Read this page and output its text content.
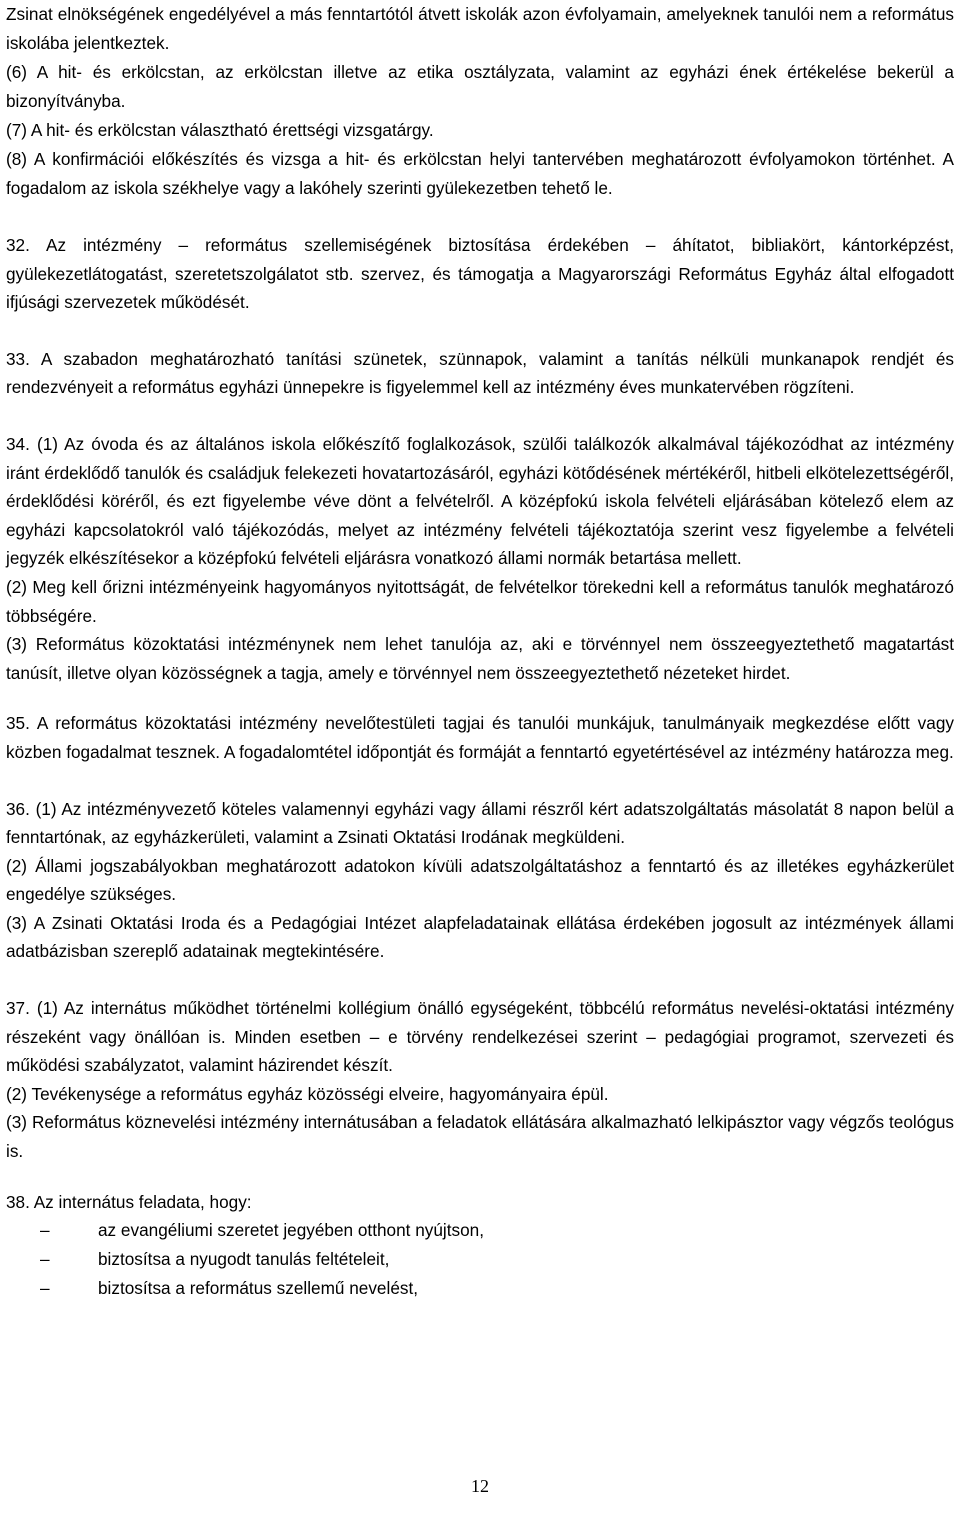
Zsinat elnökségének engedélyével a más fenntartótól átvett iskolák azon évfolyamain, amelyeknek tanulói nem a református iskolába jelentkeztek.

(6) A hit- és erkölcstan, az erkölcstan illetve az etika osztályzata, valamint az egyházi ének értékelése bekerül a bizonyítványba.

(7) A hit- és erkölcstan választható érettségi vizsgatárgy.

(8) A konfirmációi előkészítés és vizsga a hit- és erkölcstan helyi tantervében meghatározott évfolyamokon történhet. A fogadalom az iskola székhelye vagy a lakóhely szerinti gyülekezetben tehető le.

32. Az intézmény – református szellemiségének biztosítása érdekében – áhítatot, bibliakört, kántorképzést, gyülekezetlátogatást, szeretetszolgálatot stb. szervez, és támogatja a Magyarországi Református Egyház által elfogadott ifjúsági szervezetek működését.

33. A szabadon meghatározható tanítási szünetek, szünnapok, valamint a tanítás nélküli munkanapok rendjét és rendezvényeit a református egyházi ünnepekre is figyelemmel kell az intézmény éves munkatervében rögzíteni.

34. (1) Az óvoda és az általános iskola előkészítő foglalkozások, szülői találkozók alkalmával tájékozódhat az intézmény iránt érdeklődő tanulók és családjuk felekezeti hovatartozásáról, egyházi kötődésének mértékéről, hitbeli elkötelezettségéről, érdeklődési köréről, és ezt figyelembe véve dönt a felvételről. A középfokú iskola felvételi eljárásában kötelező elem az egyházi kapcsolatokról való tájékozódás, melyet az intézmény felvételi tájékoztatója szerint vesz figyelembe a felvételi jegyzék elkészítésekor a középfokú felvételi eljárásra vonatkozó állami normák betartása mellett.

(2) Meg kell őrizni intézményeink hagyományos nyitottságát, de felvételkor törekedni kell a református tanulók meghatározó többségére.

(3) Református közoktatási intézménynek nem lehet tanulója az, aki e törvénnyel nem összeegyeztethető magatartást tanúsít, illetve olyan közösségnek a tagja, amely e törvénnyel nem összeegyeztethető nézeteket hirdet.

35. A református közoktatási intézmény nevelőtestületi tagjai és tanulói munkájuk, tanulmányaik megkezdése előtt vagy közben fogadalmat tesznek. A fogadalomtétel időpontját és formáját a fenntartó egyetértésével az intézmény határozza meg.

36. (1) Az intézményvezető köteles valamennyi egyházi vagy állami részről kért adatszolgáltatás másolatát 8 napon belül a fenntartónak, az egyházkerületi, valamint a Zsinati Oktatási Irodának megküldeni.

(2) Állami jogszabályokban meghatározott adatokon kívüli adatszolgáltatáshoz a fenntartó és az illetékes egyházkerület engedélye szükséges.

(3) A Zsinati Oktatási Iroda és a Pedagógiai Intézet alapfeladatainak ellátása érdekében jogosult az intézmények állami adatbázisban szereplő adatainak megtekintésére.

37. (1) Az internátus működhet történelmi kollégium önálló egységeként, többcélú református nevelési-oktatási intézmény részeként vagy önállóan is. Minden esetben – e törvény rendelkezései szerint – pedagógiai programot, szervezeti és működési szabályzatot, valamint házirendet készít.

(2) Tevékenysége a református egyház közösségi elveire, hagyományaira épül.

(3) Református köznevelési intézmény internátusában a feladatok ellátására alkalmazható lelkipásztor vagy végzős teológus is.

38. Az internátus feladata, hogy:

–	az evangéliumi szeretet jegyében otthont nyújtson,
–	biztosítsa a nyugodt tanulás feltételeit,
–	biztosítsa a református szellemű nevelést,
12
